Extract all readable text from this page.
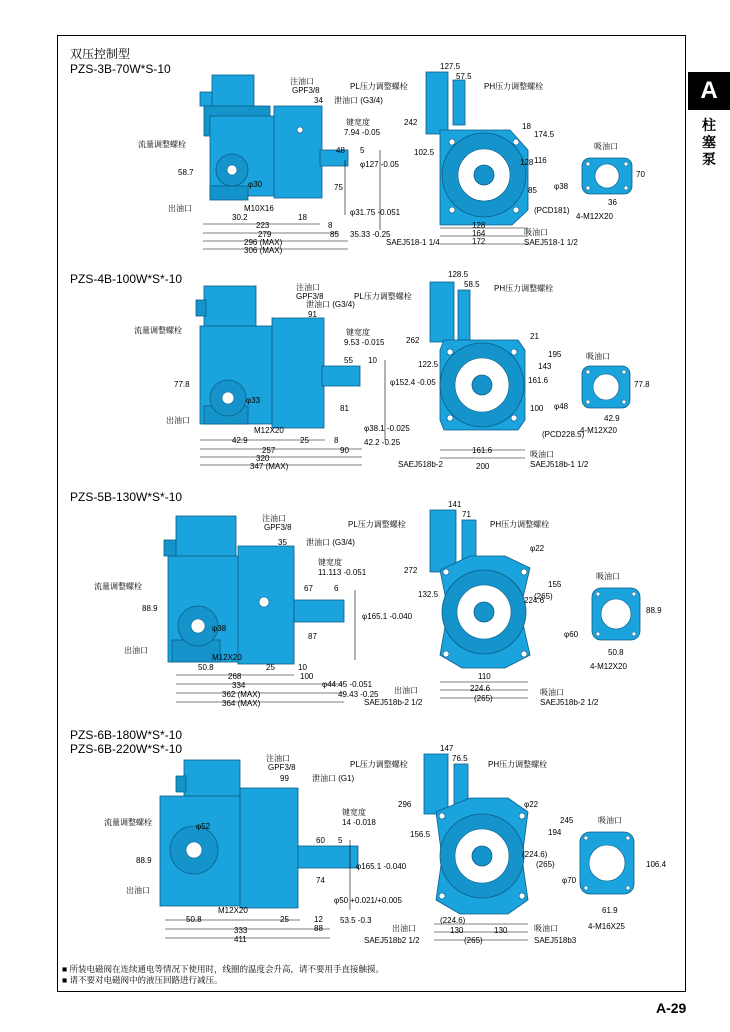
A
柱塞泵
双压控制型
PZS-3B-70W*S-10
注油口
GPF3/8
34 泄油口 (G3/4)
流量调整螺栓
键宽度
7.94 -0.05
48 5
75
58.7
φ30
出油口	M10X16
30.2	18
223	8
279	85
296 (MAX)
306 (MAX)
φ127 -0.05
φ31.75 -0.051
35.33 -0.25
PL压力调整螺栓	PH压力调整螺栓
127.5
57.5
242
102.5
18
174.5
116
128
85
(PCD181)
128
164
172
SAEJ518-1 1/4	SAEJ518-1 1/2
吸油口
吸油口
φ38
70
36
4-M12X20
PZS-4B-100W*S*-10
注油口
GPF3/8
泄油口 (G3/4)
91
流量调整螺栓	键宽度
9.53 -0.015
55 10
77.8
φ33
出油口
M12X20
42.9	25	8
257	90
81
320
347 (MAX)
φ152.4 -0.05
φ38.1 -0.025
42.2 -0.25
PL压力调整螺栓
PH压力调整螺栓
128.5
58.5
262
122.5
21
195
161.6
143
100
(PCD228.5)
161.6
200
SAEJ518b-2	SAEJ518b-1 1/2
吸油口
吸油口
φ48
77.8
42.9
4-M12X20
PZS-5B-130W*S*-10
注油口
GPF3/8
35 泄油口 (G3/4)
流量调整螺栓
键宽度
11.113 -0.051
67	6
88.9
φ38
出油口
M12X20
50.8	25	10
268	100
87
334
362 (MAX)
364 (MAX)
φ165.1 -0.040
φ44.45 -0.051
49.43 -0.25
PL压力调整螺栓	PH压力调整螺栓
141
71
272
132.5
φ22
224.6
(265)
155
110
224.6
(265)
出油口
SAEJ518b-2 1/2
吸油口
SAEJ518b-2 1/2
吸油口
φ60
88.9
50.8
4-M12X20
PZS-6B-180W*S*-10
PZS-6B-220W*S*-10
注油口
GPF3/8
99	泄油口 (G1)
流量调整螺栓
键宽度
14 -0.018
60 5
88.9
φ52
出油口
M12X20
50.8	25	12
333	88
74
411
φ165.1 -0.040
φ50 +0.021/+0.005
53.5 -0.3
PL压力调整螺栓	PH压力调整螺栓
147
76.5
296
156.5
φ22
(224.6)
(265)
194
245
130	130
(224.6)
(265)
出油口
SAEJ518b2 1/2
吸油口
SAEJ518b3
吸油口
φ70
106.4
61.9
4-M16X25
■ 所装电磁阀在连续通电等情况下使用时，线圈的温度会升高，请不要用手直接触摸。
■ 请不要对电磁阀中的液压回路进行减压。
A-29
